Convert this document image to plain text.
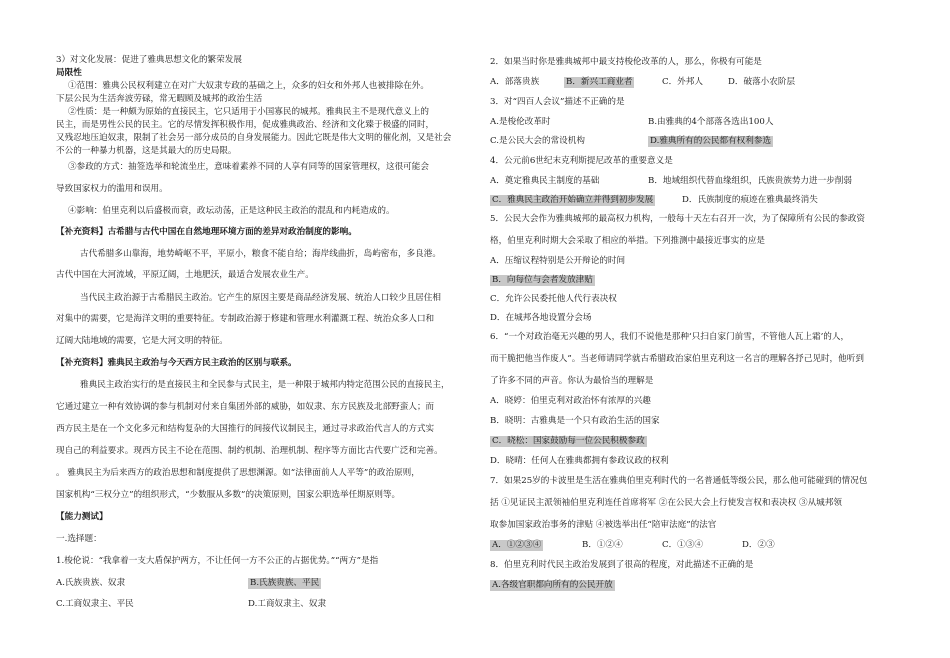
3）对文化发展：促进了雅典思想文化的繁荣发展
局限性
①范围：雅典公民权利建立在对广大奴隶专政的基础之上，众多的妇女和外邦人也被排除在外。
下层公民为生活奔波劳碌，常无暇顾及城邦的政治生活
②性质：是一种颇为原始的直接民主，它只适用于小国寡民的城邦。雅典民主不是现代意义上的
民主，而是男性公民的民主。它的尽情发挥积极作用，促成雅典政治、经济和文化臻于极盛的同时，
又残忍地压迫奴隶，限制了社会另一部分成员的自身发展能力。因此它既是伟大文明的催化剂，又是社会
不公的一种暴力机器，这是其最大的历史局限。
③参政的方式：抽签选举和轮流坐庄，意味着素养不同的人享有同等的国家管理权，这很可能会
导致国家权力的滥用和误用。
④影响：伯里克利以后盛极而衰，政坛动荡，正是这种民主政治的混乱和内耗造成的。
【补充资料】古希腊与古代中国在自然地理环境方面的差异对政治制度的影响。
古代希腊多山靠海，地势崎岖不平，平原小，粮食不能自给；海岸线曲折，岛屿密布，多良港。
古代中国在大河流域，平原辽阔，土地肥沃，最适合发展农业生产。
当代民主政治源于古希腊民主政治。它产生的原因主要是商品经济发展、统治人口较少且居住相
对集中的需要，它是海洋文明的重要特征。专制政治源于修建和管理水利灌溉工程、统治众多人口和
辽阔大陆地域的需要，它是大河文明的特征。
【补充资料】雅典民主政治与今天西方民主政治的区别与联系。
雅典民主政治实行的是直接民主和全民参与式民主，是一种限于城邦内特定范围公民的直接民主，
它通过建立一种有效协调的参与机制对付来自集团外部的威胁，如奴隶、东方民族及北部野蛮人；而
西方民主是在一个文化多元和结构复杂的大国推行的间接代议制民主，通过寻求政治代言人的方式实
现自己的利益要求。现西方民主不论在范围、制约机制、治理机制、程序等方面比古代要广泛和完善。
。 雅典民主为后来西方的政治思想和制度提供了思想渊源。如“法律面前人人平等”的政治原则，
国家机构“三权分立”的组织形式，“少数服从多数”的决策原则，国家公职选举任期原则等。
【能力测试】
一.选择题：
1.梭伦说：“我拿着一支大盾保护两方，不让任何一方不公正的占据优势。”“两方”是指
A.氏族贵族、奴隶	B.氏族贵族、平民
C.工商奴隶主、平民	D.工商奴隶主、奴隶
2．如果当时你是雅典城邦中最支持梭伦改革的人，那么，你极有可能是
A．部落贵族	B．新兴工商业者	C．外邦人	D．破落小农阶层
3．对“四百人会议”描述不正确的是
A.是梭伦改革时	B.由雅典的4个部落各选出100人
C.是公民大会的常设机构	D.雅典所有的公民都有权利参选
4．公元前6世纪末克利斯提尼改革的重要意义是
A．奠定雅典民主制度的基础	B．地域组织代替血缘组织，氏族贵族势力进一步削弱
C．雅典民主政治开始确立并得到初步发展	D．氏族制度的痕迹在雅典最终消失
5．公民大会作为雅典城邦的最高权力机构，一般每十天左右召开一次，为了保障所有公民的参政资
格，伯里克利时期大会采取了相应的举措。下列推测中最接近事实的应是
A．压缩议程特别是公开辩论的时间
B．向每位与会者发放津贴
C．允许公民委托他人代行表决权
D．在城邦各地设置分会场
6．“一个对政治毫无兴趣的男人，我们不说他是那种‘只扫自家门前雪，不管他人瓦上霜’的人，
而干脆把他当作废人”。当老师请同学就古希腊政治家伯里克利这一名言的理解各抒己见时，他听到
了许多不同的声音。你认为最恰当的理解是
A．晓婷：伯里克利对政治怀有浓厚的兴趣
B．晓明：古雅典是一个只有政治生活的国家
C．晓松：国家鼓励每一位公民积极参政
D．晓晴：任何人在雅典都拥有参政议政的权利
7．如果25岁的卡波里是生活在雅典伯里克利时代的一名普通低等级公民，那么他可能碰到的情况包
括 ①见证民主派领袖伯里克利连任首席将军 ②在公民大会上行使发言权和表决权 ③从城邦领
取参加国家政治事务的津贴 ④被选举出任“陪审法庭”的法官
A．①②③④	B．①②④	C．①③④	D．②③
8．伯里克利时代民主政治发展到了很高的程度，对此描述不正确的是
A.各级官职都向所有的公民开放
